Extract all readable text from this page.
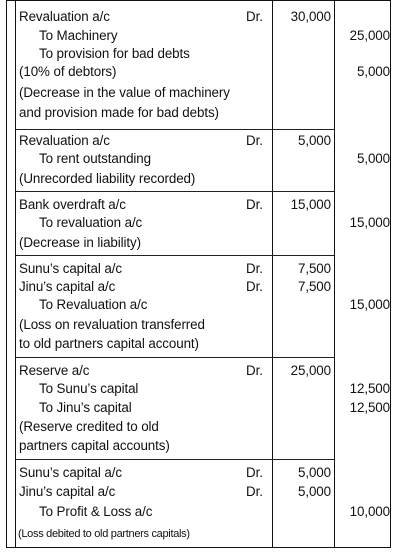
Revaluation a/c	Dr.	30,000
To Machinery	25,000
To provision for bad debts
(10% of debtors)	5,000
(Decrease in the value of machinery
and provision made for bad debts)
Revaluation a/c	Dr.	5,000
To rent outstanding	5,000
(Unrecorded liability recorded)
Bank overdraft a/c	Dr.	15,000
To revaluation a/c	15,000
(Decrease in liability)
Sunu’s capital a/c	Dr.	7,500
Jinu’s capital a/c	Dr.	7,500
To Revaluation a/c	15,000
(Loss on revaluation transferred
to old partners capital account)
Reserve a/c	Dr.	25,000
To Sunu’s capital	12,500
To Jinu’s capital	12,500
(Reserve credited to old
partners capital accounts)
Sunu’s capital a/c	Dr.	5,000
Jinu’s capital a/c	Dr.	5,000
To Profit & Loss a/c	10,000
(Loss debited to old partners capitals)
